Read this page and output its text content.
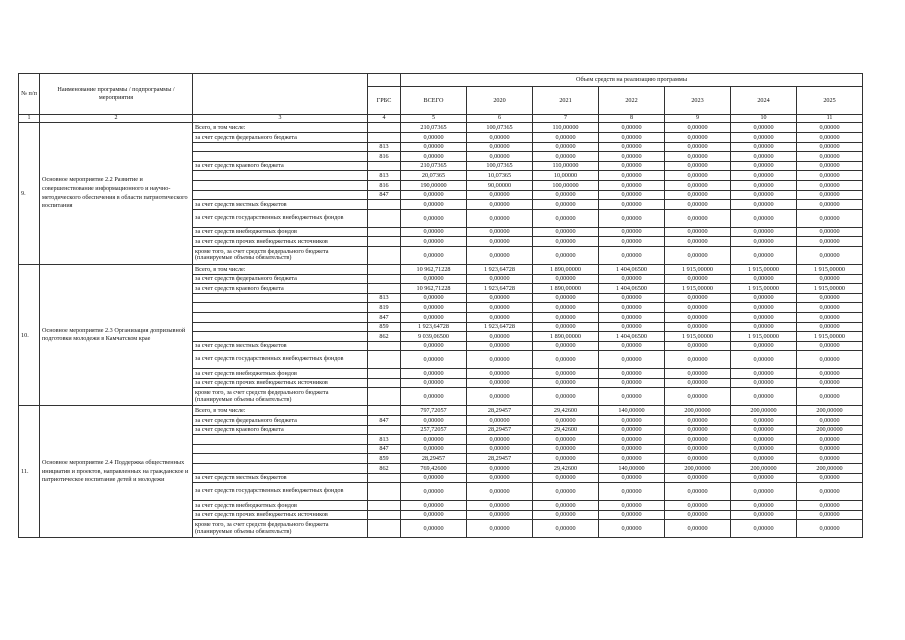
№ п/п	Наименование программы / подпрограммы / мероприятия			Объем средств на реализацию программы						
			ГРБС	ВСЕГО	2020	2021	2022	2023	2024	2025
1	2	3	4	5	6	7	8	9	10	11
9.	Основное мероприятие 2.2 Развитие и совершенствование информационного и научно-методического обеспечения в области патриотического воспитания	Всего, в том числе:		210,07365	100,07365	110,00000	0,00000	0,00000	0,00000	0,00000
		за счет средств федерального бюджета		0,00000	0,00000	0,00000	0,00000	0,00000	0,00000	0,00000
			813	0,00000	0,00000	0,00000	0,00000	0,00000	0,00000	0,00000
			816	0,00000	0,00000	0,00000	0,00000	0,00000	0,00000	0,00000
		за счет средств краевого бюджета		210,07365	100,07365	110,00000	0,00000	0,00000	0,00000	0,00000
			813	20,07365	10,07365	10,00000	0,00000	0,00000	0,00000	0,00000
			816	190,00000	90,00000	100,00000	0,00000	0,00000	0,00000	0,00000
			847	0,00000	0,00000	0,00000	0,00000	0,00000	0,00000	0,00000
		за счет средств местных бюджетов		0,00000	0,00000	0,00000	0,00000	0,00000	0,00000	0,00000
		за счет средств государственных внебюджетных фондов		0,00000	0,00000	0,00000	0,00000	0,00000	0,00000	0,00000
		за счет средств внебюджетных фондов		0,00000	0,00000	0,00000	0,00000	0,00000	0,00000	0,00000
		за счет средств прочих внебюджетных источников		0,00000	0,00000	0,00000	0,00000	0,00000	0,00000	0,00000
		кроме того, за счет средств федерального бюджета (планируемые объемы обязательств)		0,00000	0,00000	0,00000	0,00000	0,00000	0,00000	0,00000
10.	Основное мероприятие 2.3 Организация допризывной подготовки молодежи в Камчатском крае	Всего, в том числе:		10 962,71228	1 923,64728	1 890,00000	1 404,06500	1 915,00000	1 915,00000	1 915,00000
		за счет средств федерального бюджета		0,00000	0,00000	0,00000	0,00000	0,00000	0,00000	0,00000
		за счет средств краевого бюджета		10 962,71228	1 923,64728	1 890,00000	1 404,06500	1 915,00000	1 915,00000	1 915,00000
			813	0,00000	0,00000	0,00000	0,00000	0,00000	0,00000	0,00000
			819	0,00000	0,00000	0,00000	0,00000	0,00000	0,00000	0,00000
			847	0,00000	0,00000	0,00000	0,00000	0,00000	0,00000	0,00000
			859	1 923,64728	1 923,64728	0,00000	0,00000	0,00000	0,00000	0,00000
			862	9 039,06500	0,00000	1 890,00000	1 404,06500	1 915,00000	1 915,00000	1 915,00000
		за счет средств местных бюджетов		0,00000	0,00000	0,00000	0,00000	0,00000	0,00000	0,00000
		за счет средств государственных внебюджетных фондов		0,00000	0,00000	0,00000	0,00000	0,00000	0,00000	0,00000
		за счет средств внебюджетных фондов		0,00000	0,00000	0,00000	0,00000	0,00000	0,00000	0,00000
		за счет средств прочих внебюджетных источников		0,00000	0,00000	0,00000	0,00000	0,00000	0,00000	0,00000
		кроме того, за счет средств федерального бюджета (планируемые объемы обязательств)		0,00000	0,00000	0,00000	0,00000	0,00000	0,00000	0,00000
11.	Основное мероприятие 2.4 Поддержка общественных инициатив и проектов, направленных на гражданское и патриотическое воспитание детей и молодежи	Всего, в том числе:		797,72057	28,29457	29,42600	140,00000	200,00000	200,00000	200,00000
		за счет средств федерального бюджета	847	0,00000	0,00000	0,00000	0,00000	0,00000	0,00000	0,00000
		за счет средств краевого бюджета		257,72057	28,29457	29,42600	0,00000	0,00000	0,00000	200,00000
			813	0,00000	0,00000	0,00000	0,00000	0,00000	0,00000	0,00000
			847	0,00000	0,00000	0,00000	0,00000	0,00000	0,00000	0,00000
			859	28,29457	28,29457	0,00000	0,00000	0,00000	0,00000	0,00000
			862	769,42600	0,00000	29,42600	140,00000	200,00000	200,00000	200,00000
		за счет средств местных бюджетов		0,00000	0,00000	0,00000	0,00000	0,00000	0,00000	0,00000
		за счет средств государственных внебюджетных фондов		0,00000	0,00000	0,00000	0,00000	0,00000	0,00000	0,00000
		за счет средств внебюджетных фондов		0,00000	0,00000	0,00000	0,00000	0,00000	0,00000	0,00000
		за счет средств прочих внебюджетных источников		0,00000	0,00000	0,00000	0,00000	0,00000	0,00000	0,00000
		кроме того, за счет средств федерального бюджета (планируемые объемы обязательств)		0,00000	0,00000	0,00000	0,00000	0,00000	0,00000	0,00000
